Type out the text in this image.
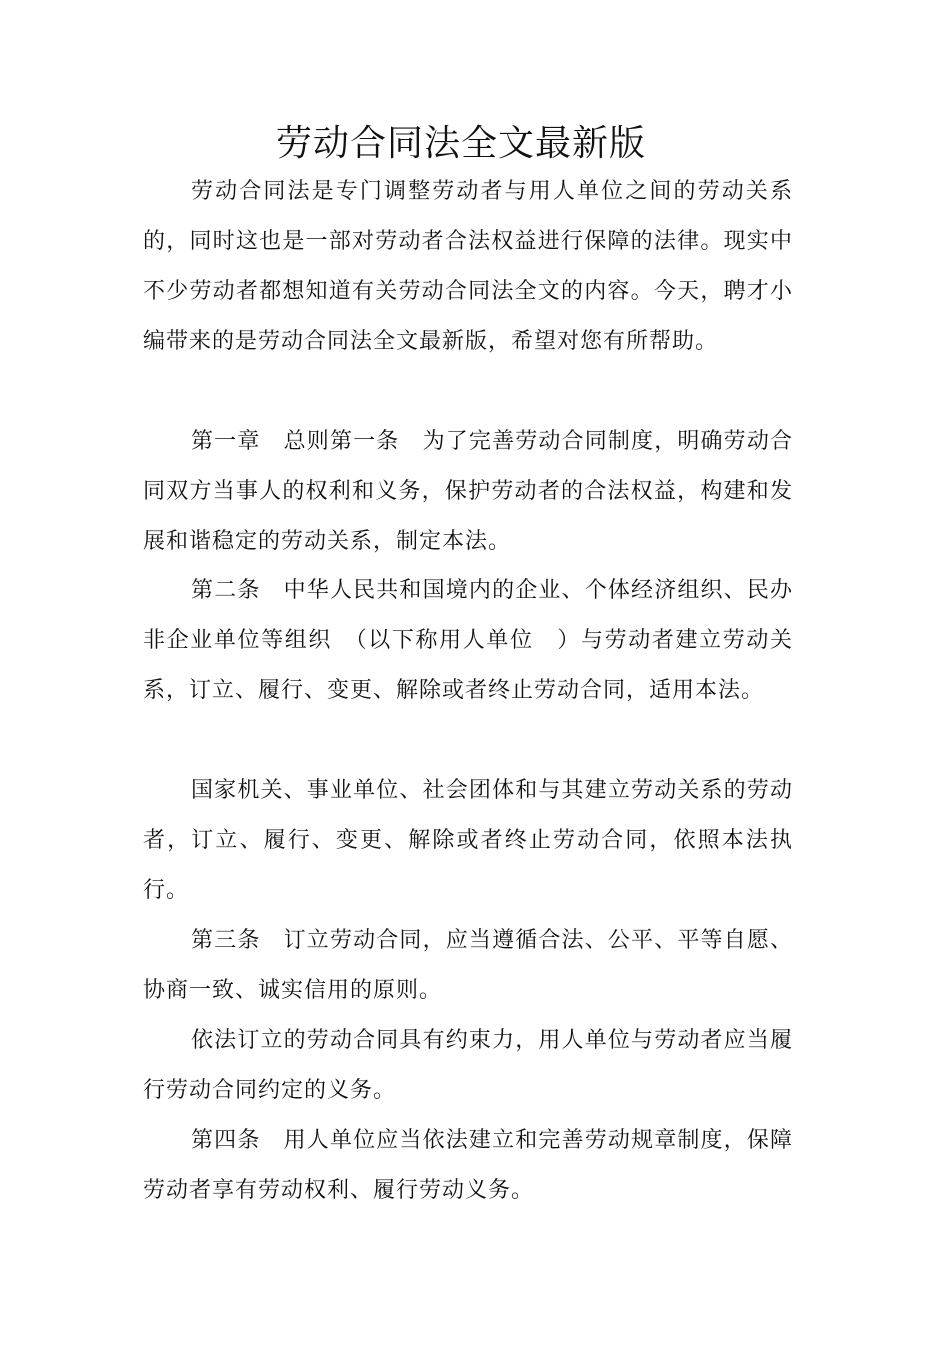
劳动合同法全文最新版
劳动合同法是专门调整劳动者与用人单位之间的劳动关系的，同时这也是一部对劳动者合法权益进行保障的法律。现实中不少劳动者都想知道有关劳动合同法全文的内容。今天，聘才小编带来的是劳动合同法全文最新版，希望对您有所帮助。
第一章　总则第一条　为了完善劳动合同制度，明确劳动合同双方当事人的权利和义务，保护劳动者的合法权益，构建和发展和谐稳定的劳动关系，制定本法。
第二条　中华人民共和国境内的企业、个体经济组织、民办非企业单位等组织　（以下称用人单位　）与劳动者建立劳动关系，订立、履行、变更、解除或者终止劳动合同，适用本法。
国家机关、事业单位、社会团体和与其建立劳动关系的劳动者，订立、履行、变更、解除或者终止劳动合同，依照本法执行。
第三条　订立劳动合同，应当遵循合法、公平、平等自愿、协商一致、诚实信用的原则。
依法订立的劳动合同具有约束力，用人单位与劳动者应当履行劳动合同约定的义务。
第四条　用人单位应当依法建立和完善劳动规章制度，保障劳动者享有劳动权利、履行劳动义务。
